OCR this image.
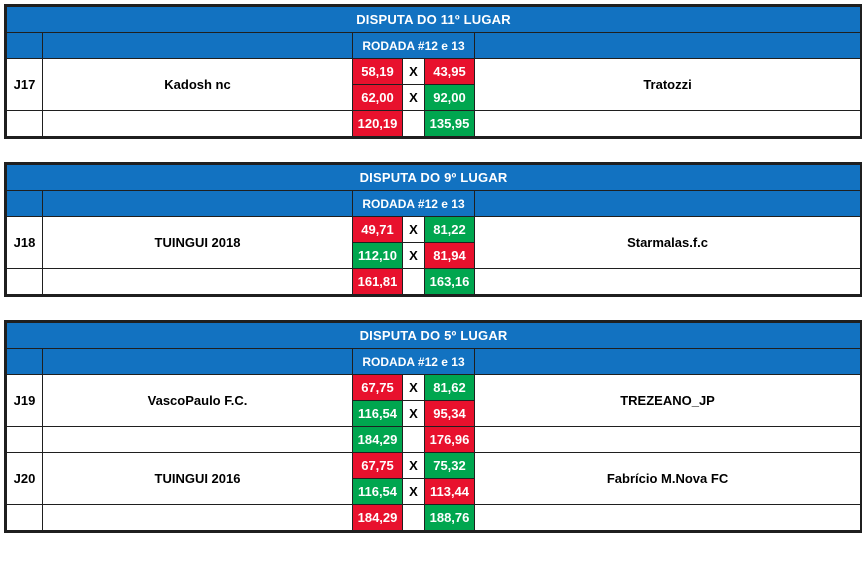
DISPUTA DO 11º LUGAR					
		RODADA #12 e 13			
J17	Kadosh nc	58,19	X	43,95	Tratozzi
		62,00	X	92,00	
		120,19		135,95	
DISPUTA DO 9º LUGAR					
		RODADA #12 e 13			
J18	TUINGUI 2018	49,71	X	81,22	Starmalas.f.c
		112,10	X	81,94	
		161,81		163,16	
DISPUTA DO 5º LUGAR					
		RODADA #12 e 13			
J19	VascoPaulo F.C.	67,75	X	81,62	TREZEANO_JP
		116,54	X	95,34	
		184,29		176,96	
J20	TUINGUI 2016	67,75	X	75,32	Fabrício M.Nova FC
		116,54	X	113,44	
		184,29		188,76	
